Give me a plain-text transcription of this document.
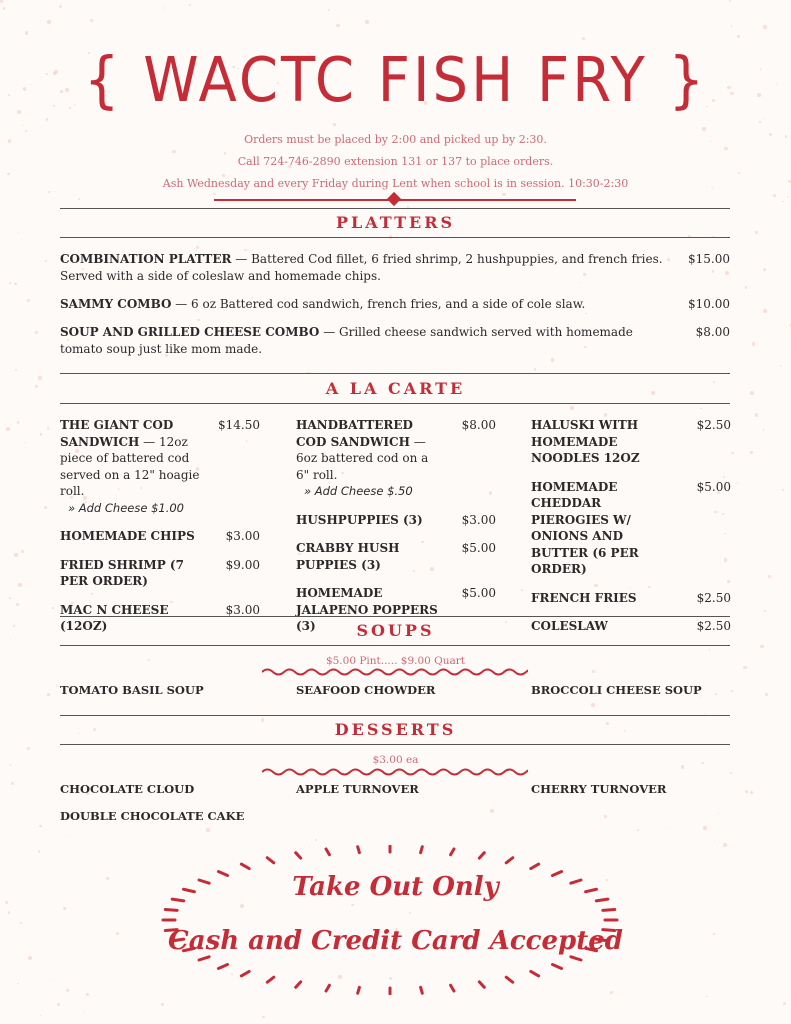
{ WACTC FISH FRY }
Orders must be placed by 2:00 and picked up by 2:30.
Call 724-746-2890 extension 131 or 137 to place orders.
Ash Wednesday and every Friday during Lent when school is in session. 10:30-2:30
PLATTERS
COMBINATION PLATTER — Battered Cod fillet, 6 fried shrimp, 2 hushpuppies, and french fries. Served with a side of coleslaw and homemade chips.
$15.00
SAMMY COMBO — 6 oz Battered cod sandwich, french fries, and a side of cole slaw.	$10.00
SOUP AND GRILLED CHEESE COMBO — Grilled cheese sandwich served with homemade tomato soup just like mom made.
$8.00
A LA CARTE
THE GIANT COD SANDWICH — 12oz piece of battered cod served on a 12" hoagie roll.
» Add Cheese $1.00
$14.50
HOMEMADE CHIPS	$3.00
FRIED SHRIMP (7 PER ORDER)
$9.00
MAC N CHEESE (12OZ)
$3.00
HANDBATTERED COD SANDWICH — 6oz battered cod on a 6" roll.
» Add Cheese $.50
$8.00
HUSHPUPPIES (3)	$3.00
CRABBY HUSH PUPPIES (3)
$5.00
HOMEMADE JALAPENO POPPERS (3)
$5.00
HALUSKI WITH HOMEMADE NOODLES 12OZ
$2.50
HOMEMADE CHEDDAR PIEROGIES W/ ONIONS AND BUTTER (6 PER ORDER)
$5.00
FRENCH FRIES	$2.50
COLESLAW	$2.50
SOUPS
$5.00 Pint..... $9.00 Quart
TOMATO BASIL SOUP	SEAFOOD CHOWDER	BROCCOLI CHEESE SOUP
DESSERTS
$3.00 ea
CHOCOLATE CLOUD	APPLE TURNOVER	CHERRY TURNOVER
DOUBLE CHOCOLATE CAKE
Take Out Only
Cash and Credit Card Accepted
